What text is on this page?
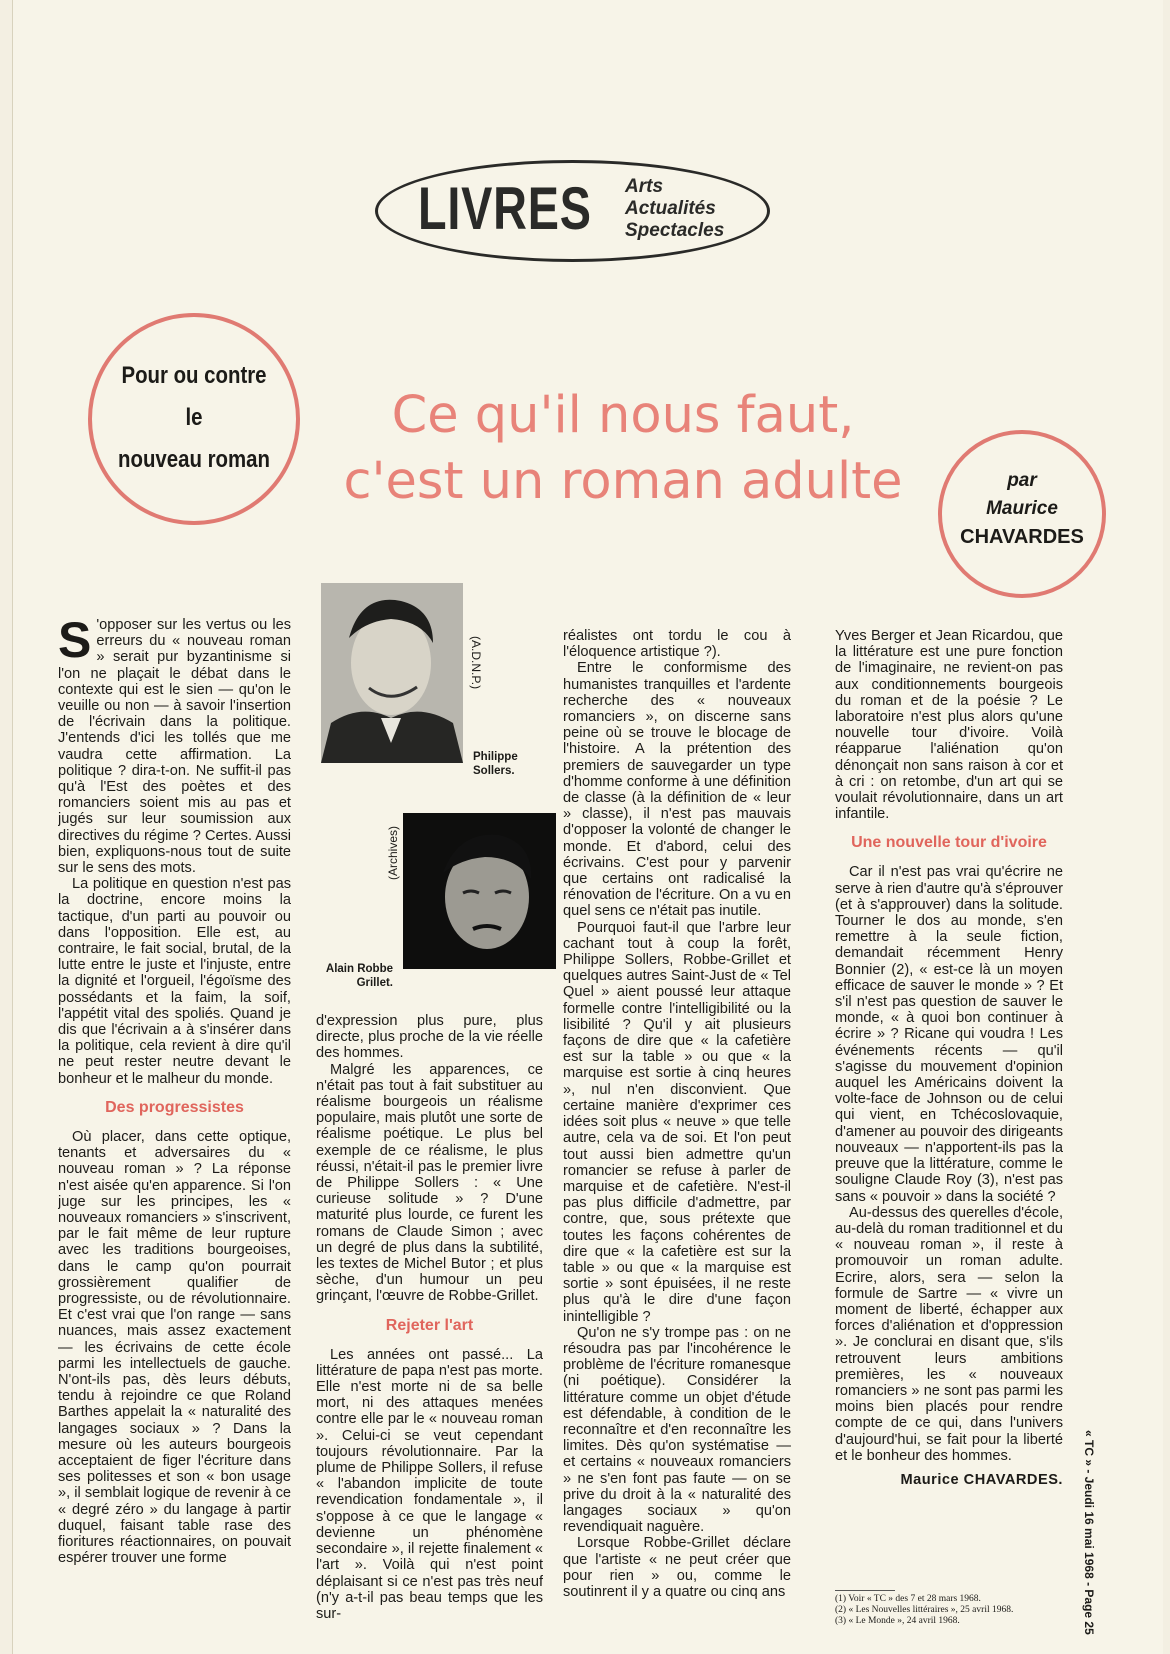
LIVRES Arts
Actualités
Spectacles
Pour ou contre
le
nouveau roman
Ce qu'il nous faut,
c'est un roman adulte	par
Maurice
CHAVARDES
(A.D.N.P.)
Philippe Sollers.
(Archives)
Alain Robbe Grillet.

S 'opposer sur les vertus ou les erreurs du « nouveau roman » serait pur byzantinisme si l'on ne plaçait le débat dans le contexte qui est le sien — qu'on le veuille ou non — à savoir l'insertion de l'écrivain dans la politique. J'entends d'ici les tollés que me vaudra cette affirmation. La politique ? dira-t-on. Ne suffit-il pas qu'à l'Est des poètes et des romanciers soient mis au pas et jugés sur leur soumission aux directives du régime ? Certes. Aussi bien, expliquons-nous tout de suite sur le sens des mots.

La politique en question n'est pas la doctrine, encore moins la tactique, d'un parti au pouvoir ou dans l'opposition. Elle est, au contraire, le fait social, brutal, de la lutte entre le juste et l'injuste, entre la dignité et l'orgueil, l'égoïsme des possédants et la faim, la soif, l'appétit vital des spoliés. Quand je dis que l'écrivain a à s'insérer dans la politique, cela revient à dire qu'il ne peut rester neutre devant le bonheur et le malheur du monde.

Des progressistes

Où placer, dans cette optique, tenants et adversaires du « nouveau roman » ? La réponse n'est aisée qu'en apparence. Si l'on juge sur les principes, les « nouveaux romanciers » s'inscrivent, par le fait même de leur rupture avec les traditions bourgeoises, dans le camp qu'on pourrait grossièrement qualifier de progressiste, ou de révolutionnaire. Et c'est vrai que l'on range — sans nuances, mais assez exactement — les écrivains de cette école parmi les intellectuels de gauche. N'ont-ils pas, dès leurs débuts, tendu à rejoindre ce que Roland Barthes appelait la « naturalité des langages sociaux » ? Dans la mesure où les auteurs bourgeois acceptaient de figer l'écriture dans ses politesses et son « bon usage », il semblait logique de revenir à ce « degré zéro » du langage à partir duquel, faisant table rase des fioritures réactionnaires, on pouvait espérer trouver une forme

d'expression plus pure, plus directe, plus proche de la vie réelle des hommes.

Malgré les apparences, ce n'était pas tout à fait substituer au réalisme bourgeois un réalisme populaire, mais plutôt une sorte de réalisme poétique. Le plus bel exemple de ce réalisme, le plus réussi, n'était-il pas le premier livre de Philippe Sollers : « Une curieuse solitude » ? D'une maturité plus lourde, ce furent les romans de Claude Simon ; avec un degré de plus dans la subtilité, les textes de Michel Butor ; et plus sèche, d'un humour un peu grinçant, l'œuvre de Robbe-Grillet.

Rejeter l'art

Les années ont passé... La littérature de papa n'est pas morte. Elle n'est morte ni de sa belle mort, ni des attaques menées contre elle par le « nouveau roman ». Celui-ci se veut cependant toujours révolutionnaire. Par la plume de Philippe Sollers, il refuse « l'abandon implicite de toute revendication fondamentale », il s'oppose à ce que le langage « devienne un phénomène secondaire », il rejette finalement « l'art ». Voilà qui n'est point déplaisant si ce n'est pas très neuf (n'y a-t-il pas beau temps que les sur-

réalistes ont tordu le cou à l'éloquence artistique ?).

Entre le conformisme des humanistes tranquilles et l'ardente recherche des « nouveaux romanciers », on discerne sans peine où se trouve le blocage de l'histoire. A la prétention des premiers de sauvegarder un type d'homme conforme à une définition de classe (à la définition de « leur » classe), il n'est pas mauvais d'opposer la volonté de changer le monde. Et d'abord, celui des écrivains. C'est pour y parvenir que certains ont radicalisé la rénovation de l'écriture. On a vu en quel sens ce n'était pas inutile.

Pourquoi faut-il que l'arbre leur cachant tout à coup la forêt, Philippe Sollers, Robbe-Grillet et quelques autres Saint-Just de « Tel Quel » aient poussé leur attaque formelle contre l'intelligibilité ou la lisibilité ? Qu'il y ait plusieurs façons de dire que « la cafetière est sur la table » ou que « la marquise est sortie à cinq heures », nul n'en disconvient. Que certaine manière d'exprimer ces idées soit plus « neuve » que telle autre, cela va de soi. Et l'on peut tout aussi bien admettre qu'un romancier se refuse à parler de marquise et de cafetière. N'est-il pas plus difficile d'admettre, par contre, que, sous prétexte que toutes les façons cohérentes de dire que « la cafetière est sur la table » ou que « la marquise est sortie » sont épuisées, il ne reste plus qu'à le dire d'une façon inintelligible ?

Qu'on ne s'y trompe pas : on ne résoudra pas par l'incohérence le problème de l'écriture romanesque (ni poétique). Considérer la littérature comme un objet d'étude est défendable, à condition de le reconnaître et d'en reconnaître les limites. Dès qu'on systématise — et certains « nouveaux romanciers » ne s'en font pas faute — on se prive du droit à la « naturalité des langages sociaux » qu'on revendiquait naguère.

Lorsque Robbe-Grillet déclare que l'artiste « ne peut créer que pour rien » ou, comme le soutinrent il y a quatre ou cinq ans

Yves Berger et Jean Ricardou, que la littérature est une pure fonction de l'imaginaire, ne revient-on pas aux conditionnements bourgeois du roman et de la poésie ? Le laboratoire n'est plus alors qu'une nouvelle tour d'ivoire. Voilà réapparue l'aliénation qu'on dénonçait non sans raison à cor et à cri : on retombe, d'un art qui se voulait révolutionnaire, dans un art infantile.

Une nouvelle tour d'ivoire

Car il n'est pas vrai qu'écrire ne serve à rien d'autre qu'à s'éprouver (et à s'approuver) dans la solitude. Tourner le dos au monde, s'en remettre à la seule fiction, demandait récemment Henry Bonnier (2), « est-ce là un moyen efficace de sauver le monde » ? Et s'il n'est pas question de sauver le monde, « à quoi bon continuer à écrire » ? Ricane qui voudra ! Les événements récents — qu'il s'agisse du mouvement d'opinion auquel les Américains doivent la volte-face de Johnson ou de celui qui vient, en Tchécoslovaquie, d'amener au pouvoir des dirigeants nouveaux — n'apportent-ils pas la preuve que la littérature, comme le souligne Claude Roy (3), n'est pas sans « pouvoir » dans la société ?

Au-dessus des querelles d'école, au-delà du roman traditionnel et du « nouveau roman », il reste à promouvoir un roman adulte. Ecrire, alors, sera — selon la formule de Sartre — « vivre un moment de liberté, échapper aux forces d'aliénation et d'oppression ». Je conclurai en disant que, s'ils retrouvent leurs ambitions premières, les « nouveaux romanciers » ne sont pas parmi les moins bien placés pour rendre compte de ce qui, dans l'univers d'aujourd'hui, se fait pour la liberté et le bonheur des hommes.

Maurice CHAVARDES.
(1) Voir « TC » des 7 et 28 mars 1968.
(2) « Les Nouvelles littéraires », 25 avril 1968.
(3) « Le Monde », 24 avril 1968.	« TC » - Jeudi 16 mai 1968 - Page 25
